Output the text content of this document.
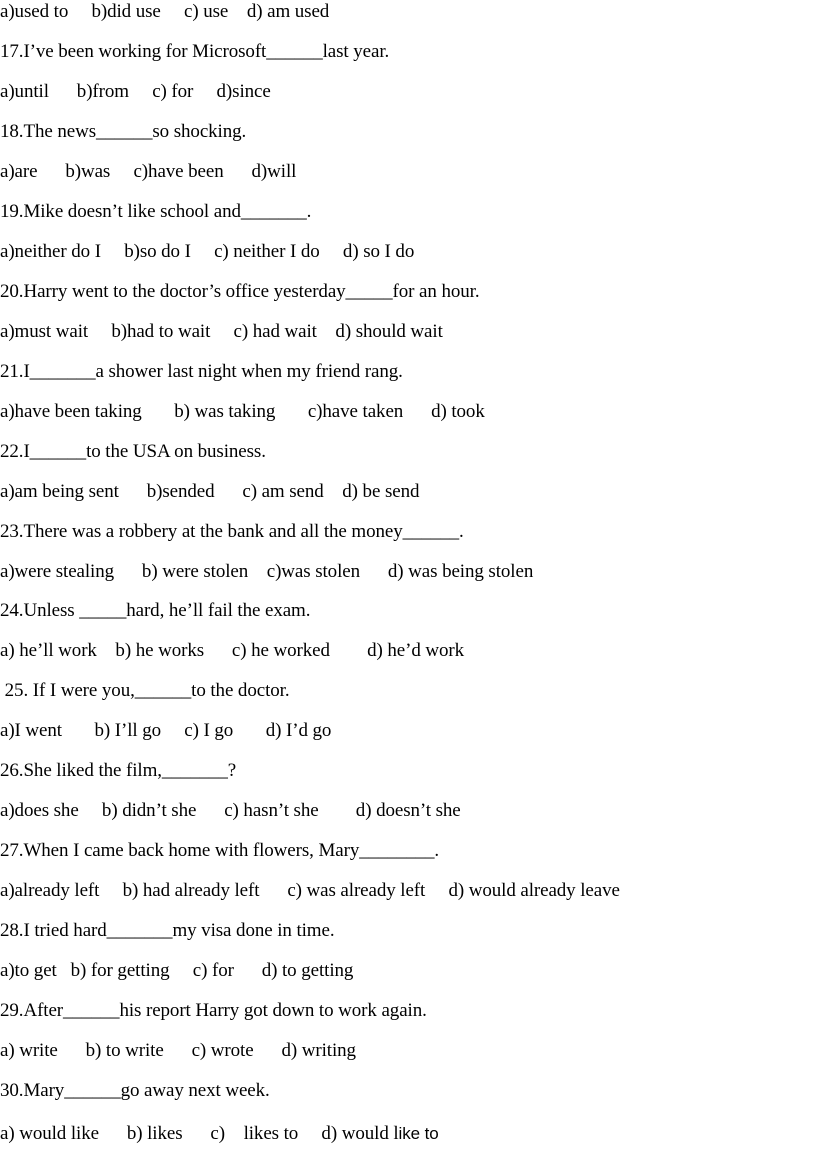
a)used to     b)did use     c) use    d) am used
17.I’ve been working for Microsoft______last year.
a)until      b)from     c) for     d)since
18.The news______so shocking.
a)are      b)was     c)have been      d)will
19.Mike doesn’t like school and_______.
a)neither do I     b)so do I     c) neither I do     d) so I do
20.Harry went to the doctor’s office yesterday_____for an hour.
a)must wait     b)had to wait     c) had wait    d) should wait
21.I_______a shower last night when my friend rang.
a)have been taking       b) was taking       c)have taken      d) took
22.I______to the USA on business.
a)am being sent      b)sended      c) am send    d) be send
23.There was a robbery at the bank and all the money______.
a)were stealing      b) were stolen    c)was stolen      d) was being stolen
24.Unless _____hard, he’ll fail the exam.
a) he’ll work    b) he works      c) he worked        d) he’d work
25. If I were you,______to the doctor.
a)I went       b) I’ll go     c) I go       d) I’d go
26.She liked the film,_______?
a)does she     b) didn’t she      c) hasn’t she        d) doesn’t she
27.When I came back home with flowers, Mary________.
a)already left     b) had already left      c) was already left     d) would already leave
28.I tried hard_______my visa done in time.
a)to get   b) for getting     c) for      d) to getting
29.After______his report Harry got down to work again.
a) write      b) to write      c) wrote      d) writing
30.Mary______go away next week.
a) would like      b) likes      c)    likes to     d) would like to
